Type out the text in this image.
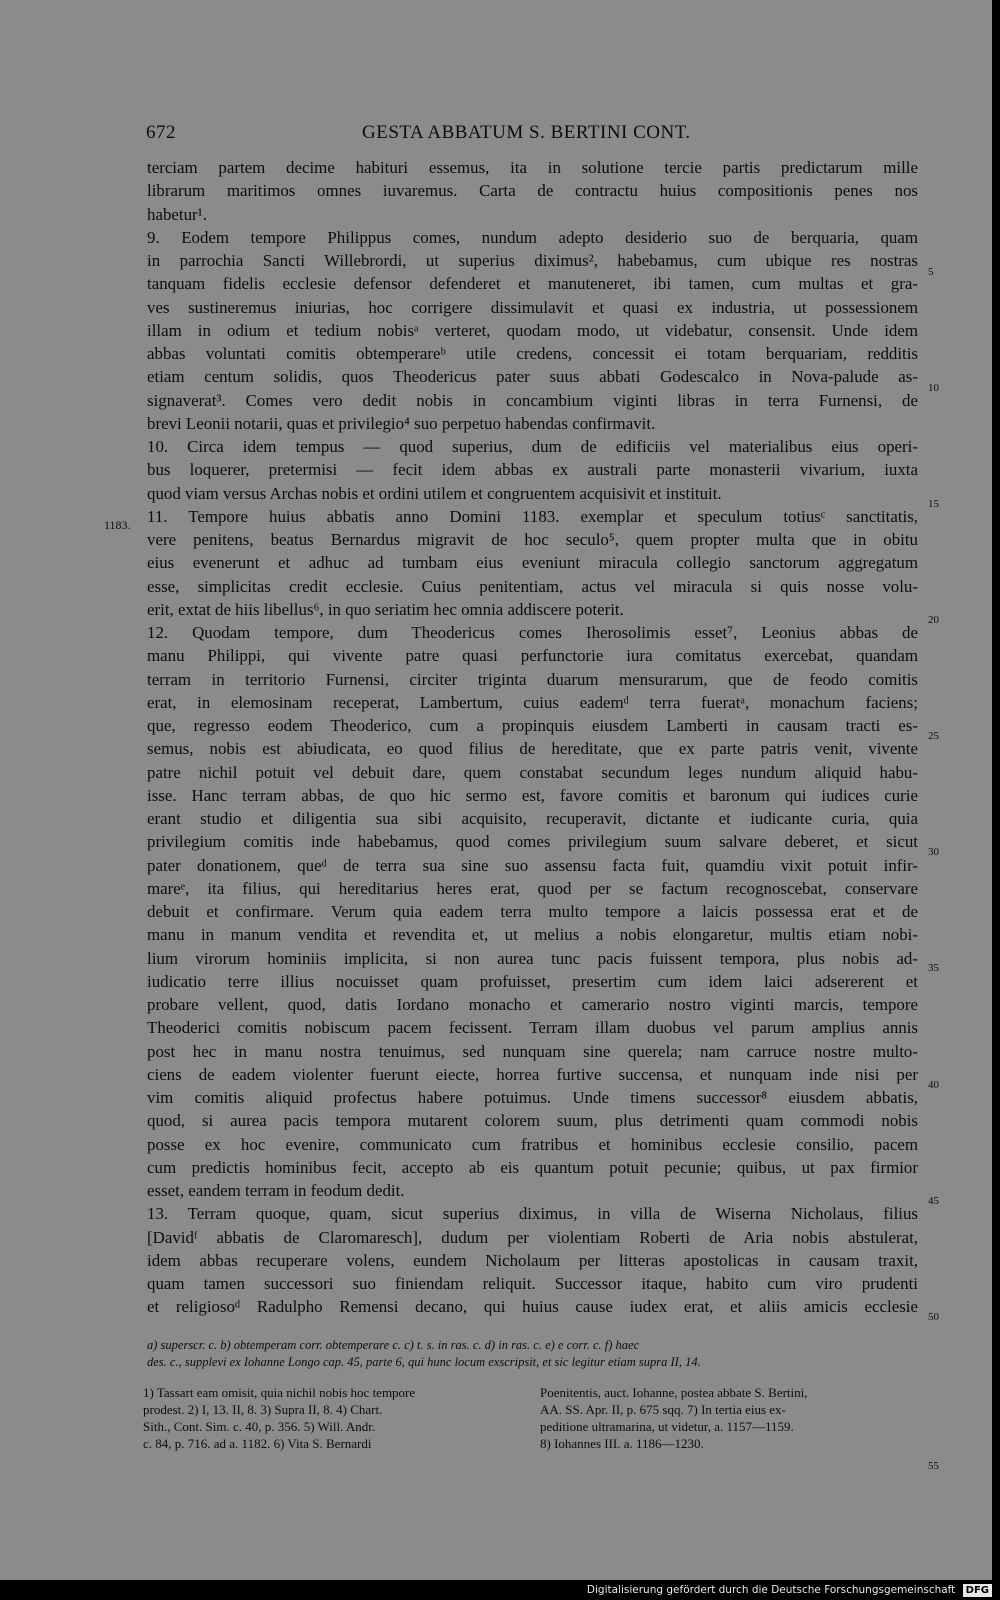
672	GESTA ABBATUM S. BERTINI CONT.
terciam partem decime habituri essemus, ita in solutione tercie partis predictarum mille
librarum maritimos omnes iuvaremus. Carta de contractu huius compositionis penes nos
habetur¹.
9. Eodem tempore Philippus comes, nundum adepto desiderio suo de berquaria, quam
in parrochia Sancti Willebrordi, ut superius diximus², habebamus, cum ubique res nostras
tanquam fidelis ecclesie defensor defenderet et manuteneret, ibi tamen, cum multas et gra-
ves sustineremus iniurias, hoc corrigere dissimulavit et quasi ex industria, ut possessionem
illam in odium et tedium nobisᵃ verteret, quodam modo, ut videbatur, consensit. Unde idem
abbas voluntati comitis obtemperareᵇ utile credens, concessit ei totam berquariam, redditis
etiam centum solidis, quos Theodericus pater suus abbati Godescalco in Nova-palude as-
signaverat³. Comes vero dedit nobis in concambium viginti libras in terra Furnensi, de
brevi Leonii notarii, quas et privilegio⁴ suo perpetuo habendas confirmavit.
10. Circa idem tempus — quod superius, dum de edificiis vel materialibus eius operi-
bus loquerer, pretermisi — fecit idem abbas ex australi parte monasterii vivarium, iuxta
quod viam versus Archas nobis et ordini utilem et congruentem acquisivit et instituit.
11. Tempore huius abbatis anno Domini 1183. exemplar et speculum totiusᶜ sanctitatis,
vere penitens, beatus Bernardus migravit de hoc seculo⁵, quem propter multa que in obitu
eius evenerunt et adhuc ad tumbam eius eveniunt miracula collegio sanctorum aggregatum
esse, simplicitas credit ecclesie. Cuius penitentiam, actus vel miracula si quis nosse volu-
erit, extat de hiis libellus⁶, in quo seriatim hec omnia addiscere poterit.
12. Quodam tempore, dum Theodericus comes Iherosolimis esset⁷, Leonius abbas de
manu Philippi, qui vivente patre quasi perfunctorie iura comitatus exercebat, quandam
terram in territorio Furnensi, circiter triginta duarum mensurarum, que de feodo comitis
erat, in elemosinam receperat, Lambertum, cuius eademᵈ terra fueratᵃ, monachum faciens;
que, regresso eodem Theoderico, cum a propinquis eiusdem Lamberti in causam tracti es-
semus, nobis est abiudicata, eo quod filius de hereditate, que ex parte patris venit, vivente
patre nichil potuit vel debuit dare, quem constabat secundum leges nundum aliquid habu-
isse. Hanc terram abbas, de quo hic sermo est, favore comitis et baronum qui iudices curie
erant studio et diligentia sua sibi acquisito, recuperavit, dictante et iudicante curia, quia
privilegium comitis inde habebamus, quod comes privilegium suum salvare deberet, et sicut
pater donationem, queᵈ de terra sua sine suo assensu facta fuit, quamdiu vixit potuit infir-
mareᵉ, ita filius, qui hereditarius heres erat, quod per se factum recognoscebat, conservare
debuit et confirmare. Verum quia eadem terra multo tempore a laicis possessa erat et de
manu in manum vendita et revendita et, ut melius a nobis elongaretur, multis etiam nobi-
lium virorum hominiis implicita, si non aurea tunc pacis fuissent tempora, plus nobis ad-
iudicatio terre illius nocuisset quam profuisset, presertim cum idem laici adsererent et
probare vellent, quod, datis Iordano monacho et camerario nostro viginti marcis, tempore
Theoderici comitis nobiscum pacem fecissent. Terram illam duobus vel parum amplius annis
post hec in manu nostra tenuimus, sed nunquam sine querela; nam carruce nostre multo-
ciens de eadem violenter fuerunt eiecte, horrea furtive succensa, et nunquam inde nisi per
vim comitis aliquid profectus habere potuimus. Unde timens successor⁸ eiusdem abbatis,
quod, si aurea pacis tempora mutarent colorem suum, plus detrimenti quam commodi nobis
posse ex hoc evenire, communicato cum fratribus et hominibus ecclesie consilio, pacem
cum predictis hominibus fecit, accepto ab eis quantum potuit pecunie; quibus, ut pax firmior
esset, eandem terram in feodum dedit.
13. Terram quoque, quam, sicut superius diximus, in villa de Wiserna Nicholaus, filius
[Davidᶠ abbatis de Claromaresch], dudum per violentiam Roberti de Aria nobis abstulerat,
idem abbas recuperare volens, eundem Nicholaum per litteras apostolicas in causam traxit,
quam tamen successori suo finiendam reliquit. Successor itaque, habito cum viro prudenti
et religiosoᵈ Radulpho Remensi decano, qui huius cause iudex erat, et aliis amicis ecclesie
5
10
15
20
25
30
35
40
45
50
55
1183.
a) superscr. c. b) obtemperam corr. obtemperare c. c) t. s. in ras. c. d) in ras. c. e) e corr. c. f) haec
des. c., supplevi ex Iohanne Longo cap. 45, parte 6, qui hunc locum exscripsit, et sic legitur etiam supra II, 14.
1) Tassart eam omisit, quia nichil nobis hoc tempore
prodest. 2) I, 13. II, 8. 3) Supra II, 8. 4) Chart.
Sith., Cont. Sim. c. 40, p. 356. 5) Will. Andr.
c. 84, p. 716. ad a. 1182. 6) Vita S. Bernardi
Poenitentis, auct. Iohanne, postea abbate S. Bertini,
AA. SS. Apr. II, p. 675 sqq. 7) In tertia eius ex-
peditione ultramarina, ut videtur, a. 1157—1159.
8) Iohannes III. a. 1186—1230.
Digitalisierung gefördert durch die Deutsche Forschungsgemeinschaft DFG
